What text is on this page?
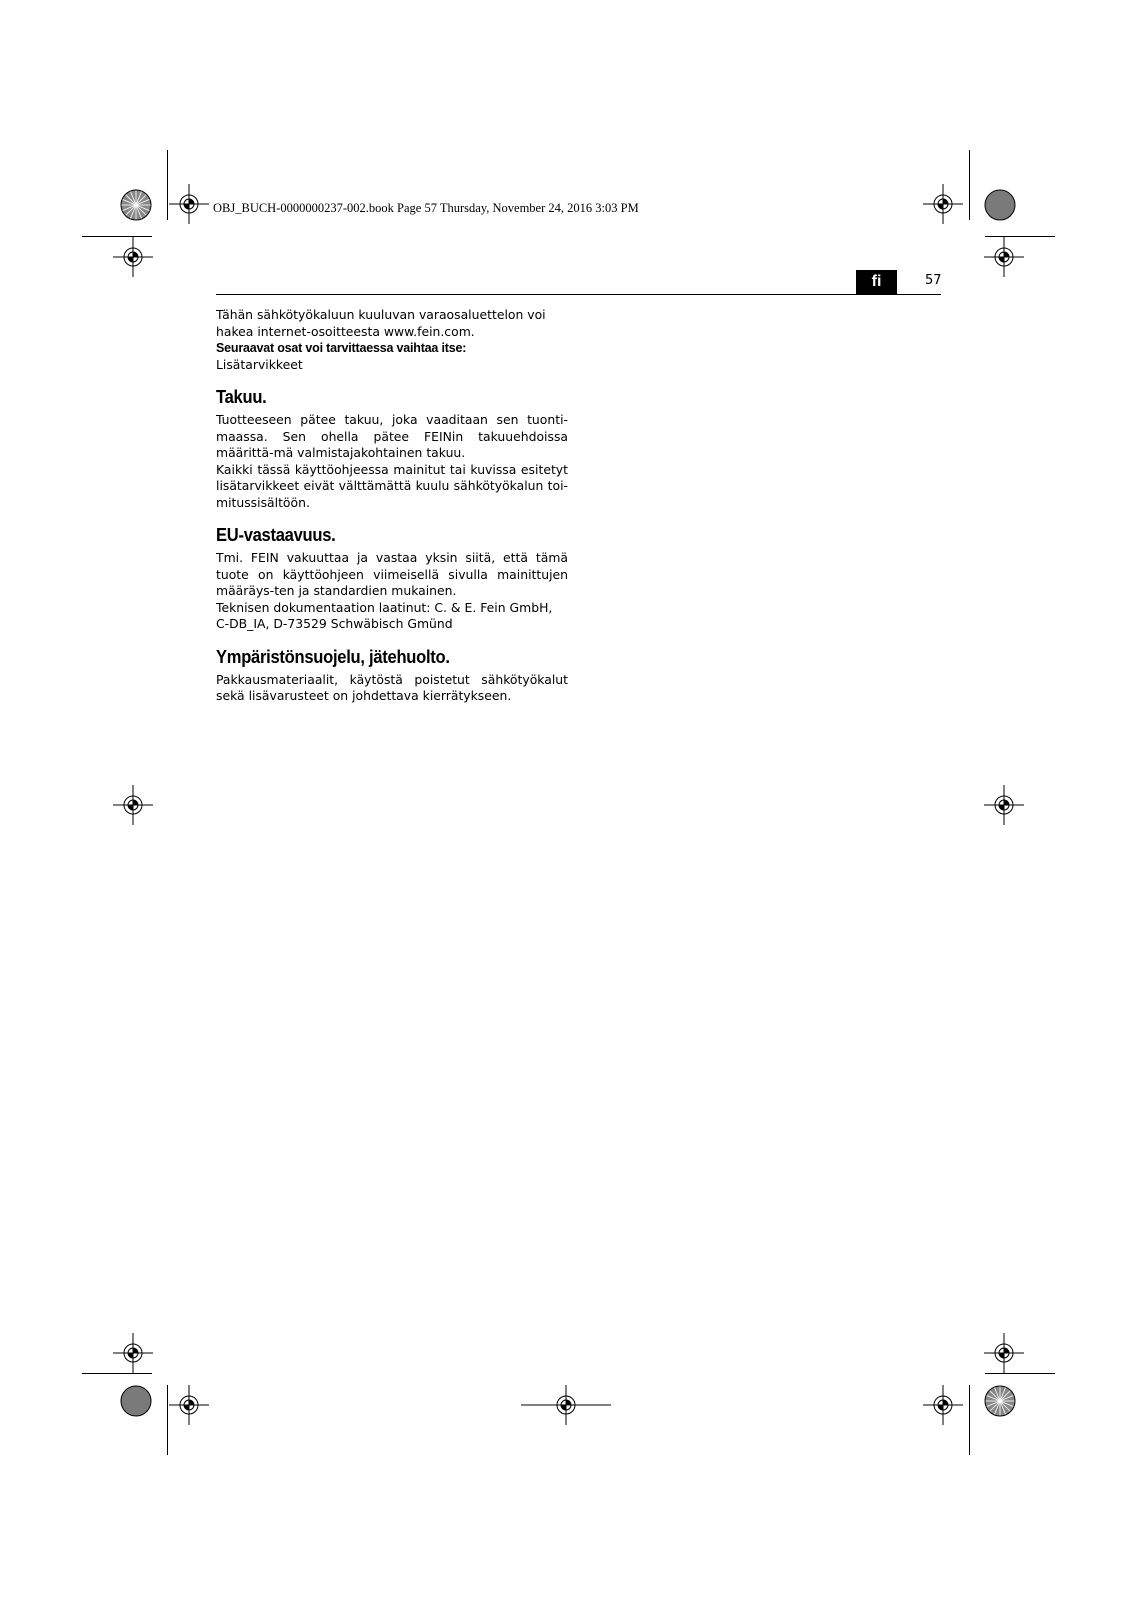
OBJ_BUCH-0000000237-002.book Page 57 Thursday, November 24, 2016 3:03 PM
fi	57

Tähän sähkötyökaluun kuuluvan varaosaluettelon voi

hakea internet-osoitteesta www.fein.com.

Seuraavat osat voi tarvittaessa vaihtaa itse:

Lisätarvikkeet

Takuu.

Tuotteeseen pätee takuu, joka vaaditaan sen tuonti-maassa. Sen ohella pätee FEINin takuuehdoissa määrittä-mä valmistajakohtainen takuu.

Kaikki tässä käyttöohjeessa mainitut tai kuvissa esitetyt lisätarvikkeet eivät välttämättä kuulu sähkötyökalun toi-mitussisältöön.

EU-vastaavuus.

Tmi. FEIN vakuuttaa ja vastaa yksin siitä, että tämä tuote on käyttöohjeen viimeisellä sivulla mainittujen määräys-ten ja standardien mukainen.

Teknisen dokumentaation laatinut: C. & E. Fein GmbH, C-DB_IA, D-73529 Schwäbisch Gmünd

Ympäristönsuojelu, jätehuolto.

Pakkausmateriaalit, käytöstä poistetut sähkötyökalut sekä lisävarusteet on johdettava kierrätykseen.
